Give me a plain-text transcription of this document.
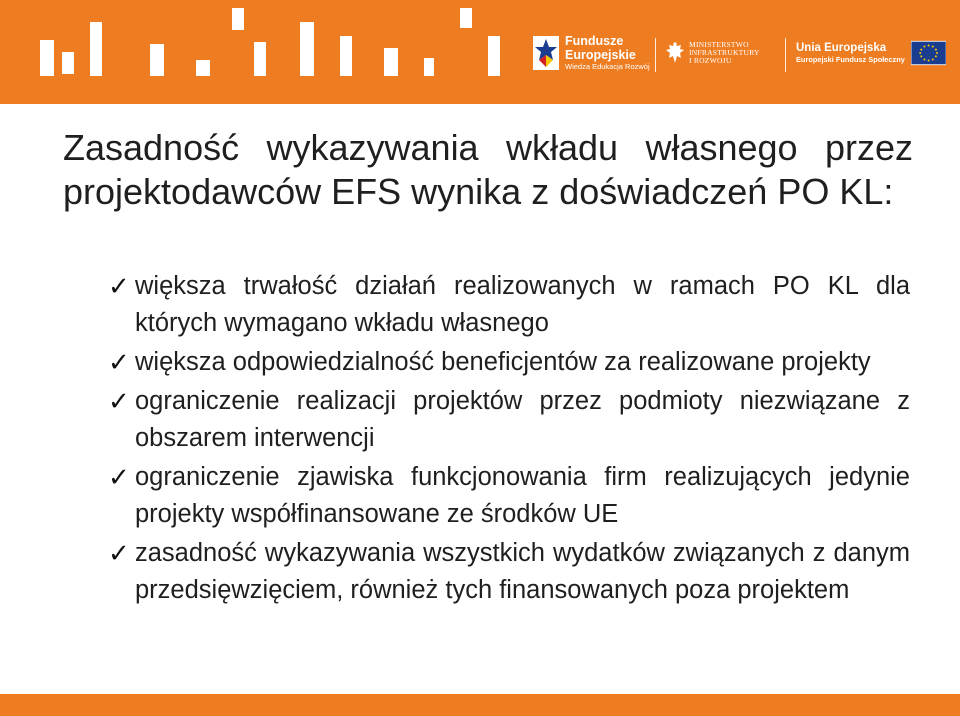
Fundusze
Europejskie
Wiedza Edukacja Rozwój
MINISTERSTWO
INFRASTRUKTURY
I ROZWOJU
Unia Europejska
Europejski Fundusz Społeczny
Zasadność wykazywania wkładu własnego przez projektodawców EFS wynika z doświadczeń PO KL:
✓ większa trwałość działań realizowanych w ramach PO KL dla których wymagano wkładu własnego
✓ większa odpowiedzialność beneficjentów za realizowane projekty
✓ ograniczenie realizacji projektów przez podmioty niezwiązane z obszarem interwencji
✓ ograniczenie zjawiska funkcjonowania firm realizujących jedynie projekty współfinansowane ze środków UE
✓ zasadność wykazywania wszystkich wydatków związanych z danym przedsięwzięciem, również tych finansowanych poza projektem
